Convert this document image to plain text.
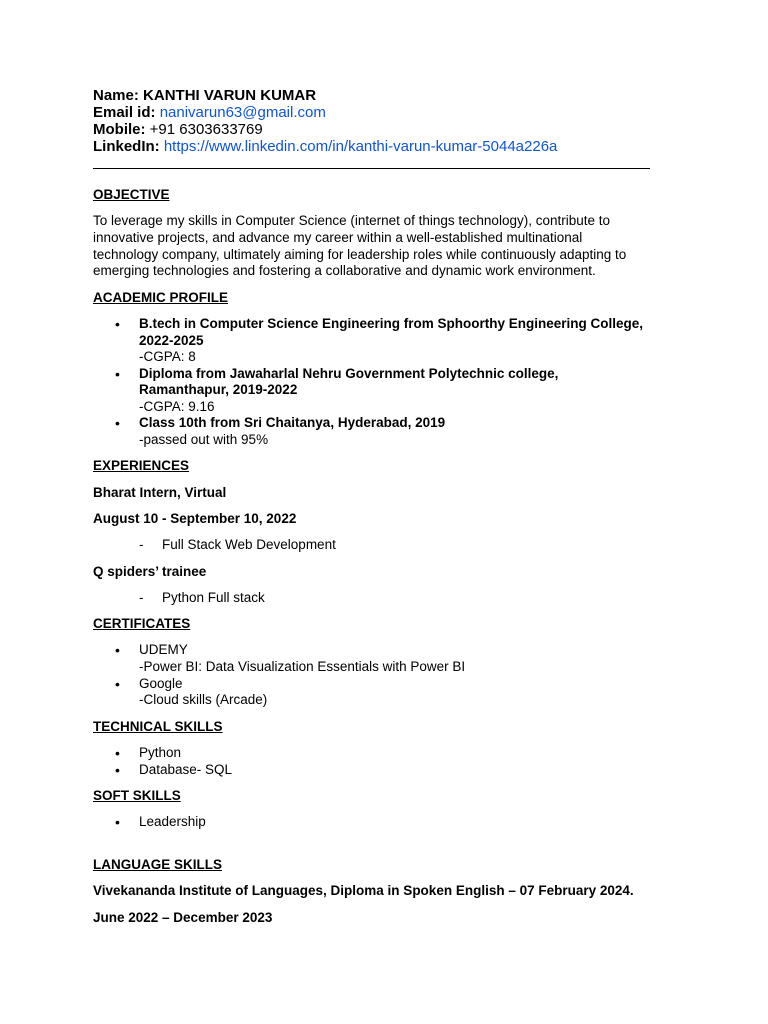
Name: KANTHI VARUN KUMAR
Email id: nanivarun63@gmail.com
Mobile: +91 6303633769
LinkedIn: https://www.linkedin.com/in/kanthi-varun-kumar-5044a226a
OBJECTIVE
To leverage my skills in Computer Science (internet of things technology), contribute to
innovative projects, and advance my career within a well-established multinational
technology company, ultimately aiming for leadership roles while continuously adapting to
emerging technologies and fostering a collaborative and dynamic work environment.
ACADEMIC PROFILE
• B.tech in Computer Science Engineering from Sphoorthy Engineering College,
2022-2025
-CGPA: 8
• Diploma from Jawaharlal Nehru Government Polytechnic college,
Ramanthapur, 2019-2022
-CGPA: 9.16
• Class 10th from Sri Chaitanya, Hyderabad, 2019
-passed out with 95%
EXPERIENCES
Bharat Intern, Virtual
August 10 - September 10, 2022
- Full Stack Web Development
Q spiders’ trainee
- Python Full stack
CERTIFICATES
• UDEMY
-Power BI: Data Visualization Essentials with Power BI
• Google
-Cloud skills (Arcade)
TECHNICAL SKILLS
• Python
• Database- SQL
SOFT SKILLS
• Leadership
LANGUAGE SKILLS
Vivekananda Institute of Languages, Diploma in Spoken English – 07 February 2024.
June 2022 – December 2023
